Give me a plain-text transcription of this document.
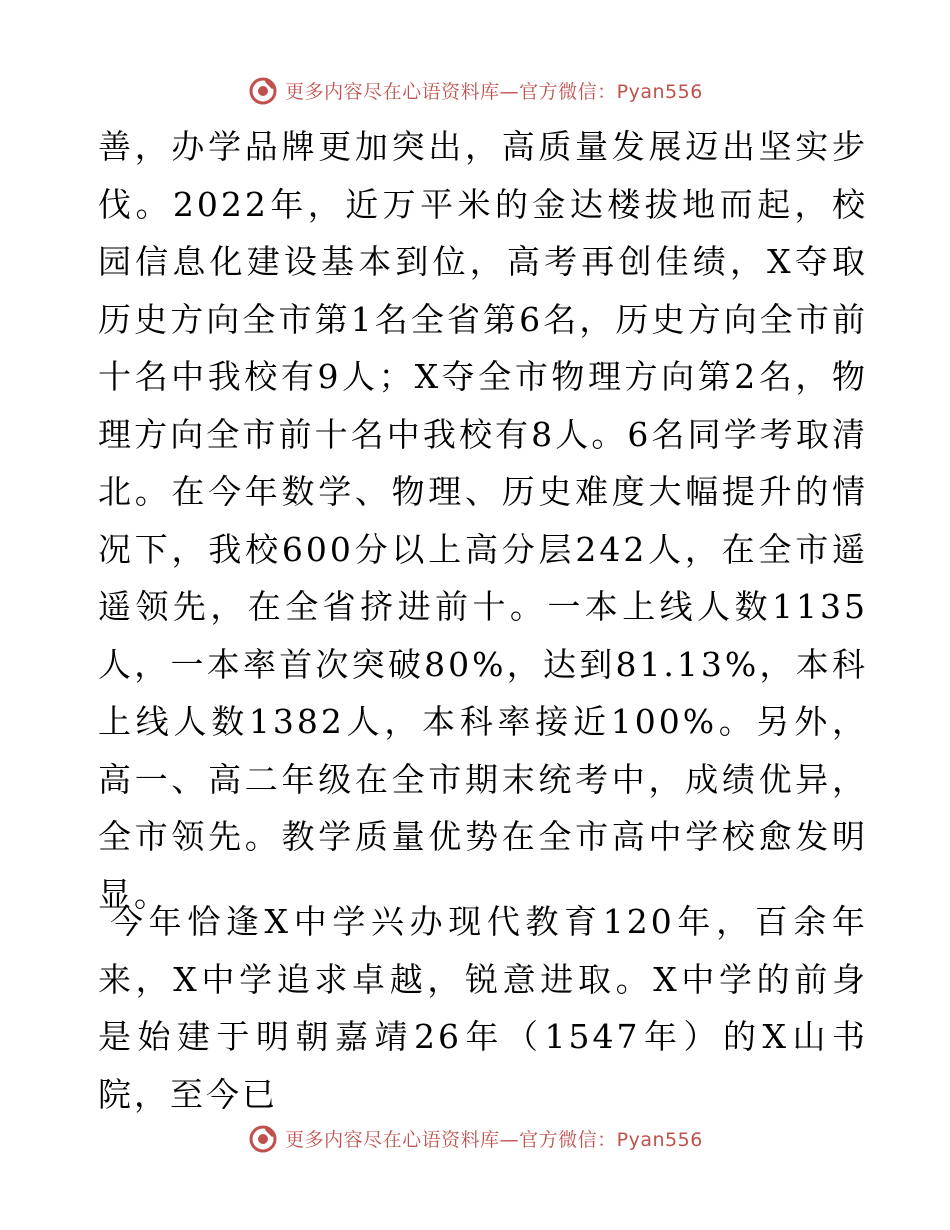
更多内容尽在心语资料库—官方微信：Pyan556

善，办学品牌更加突出，高质量发展迈出坚实步伐。2022年，近万平米的金达楼拔地而起，校园信息化建设基本到位，高考再创佳绩，X夺取历史方向全市第1名全省第6名，历史方向全市前十名中我校有9人；X夺全市物理方向第2名，物理方向全市前十名中我校有8人。6名同学考取清北。在今年数学、物理、历史难度大幅提升的情况下，我校600分以上高分层242人，在全市遥遥领先，在全省挤进前十。一本上线人数1135人，一本率首次突破80%，达到81.13%，本科上线人数1382人，本科率接近100%。另外，高一、高二年级在全市期末统考中，成绩优异，全市领先。教学质量优势在全市高中学校愈发明显。

今年恰逢X中学兴办现代教育120年，百余年来，X中学追求卓越，锐意进取。X中学的前身是始建于明朝嘉靖26年（1547年）的X山书院，至今已

更多内容尽在心语资料库—官方微信：Pyan556
